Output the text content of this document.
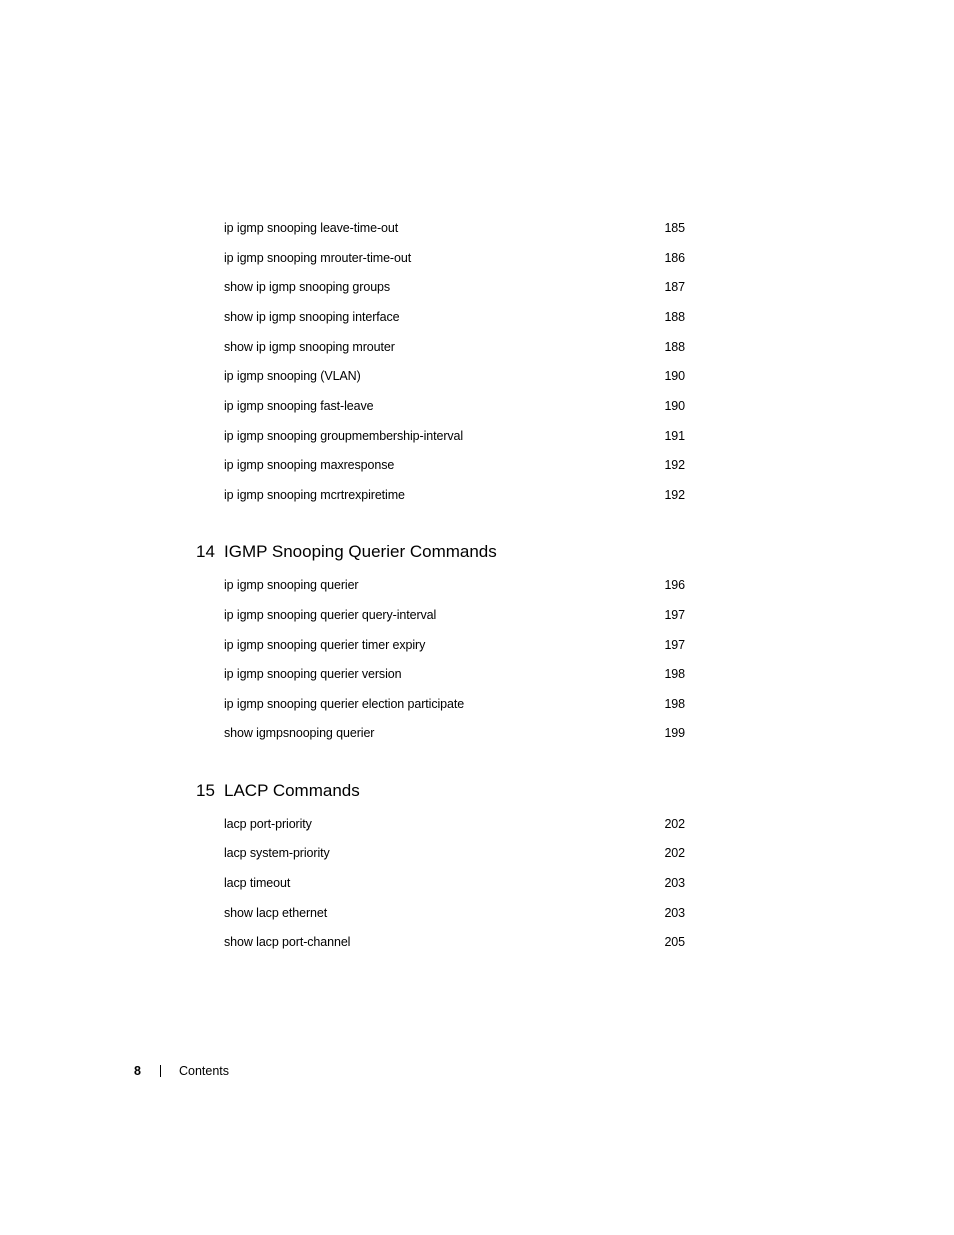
ip igmp snooping leave-time-out	185
ip igmp snooping mrouter-time-out	186
show ip igmp snooping groups	187
show ip igmp snooping interface	188
show ip igmp snooping mrouter	188
ip igmp snooping (VLAN)	190
ip igmp snooping fast-leave	190
ip igmp snooping groupmembership-interval	191
ip igmp snooping maxresponse	192
ip igmp snooping mcrtrexpiretime	192
14 IGMP Snooping Querier Commands
ip igmp snooping querier	196
ip igmp snooping querier query-interval	197
ip igmp snooping querier timer expiry	197
ip igmp snooping querier version	198
ip igmp snooping querier election participate	198
show igmpsnooping querier	199
15 LACP Commands
lacp port-priority	202
lacp system-priority	202
lacp timeout	203
show lacp ethernet	203
show lacp port-channel	205
8	Contents
